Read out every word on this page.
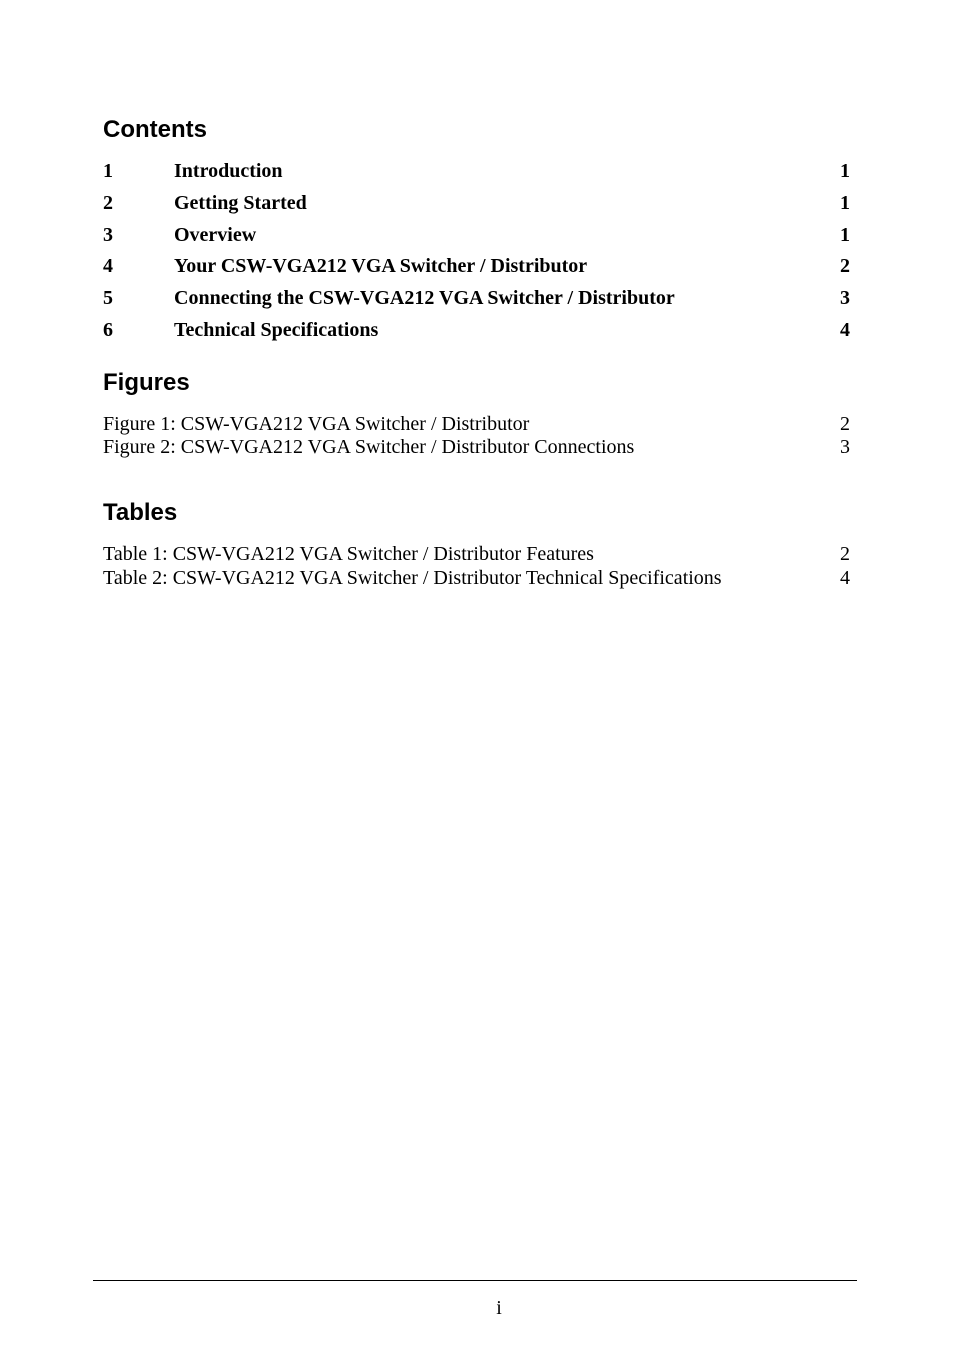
Contents
1	Introduction	1
2	Getting Started	1
3	Overview	1
4	Your CSW-VGA212 VGA Switcher / Distributor	2
5	Connecting the CSW-VGA212 VGA Switcher / Distributor	3
6	Technical Specifications	4
Figures
Figure 1: CSW-VGA212 VGA Switcher / Distributor	2
Figure 2: CSW-VGA212 VGA Switcher / Distributor Connections	3
Tables
Table 1: CSW-VGA212 VGA Switcher / Distributor Features	2
Table 2: CSW-VGA212 VGA Switcher / Distributor Technical Specifications	4
i
